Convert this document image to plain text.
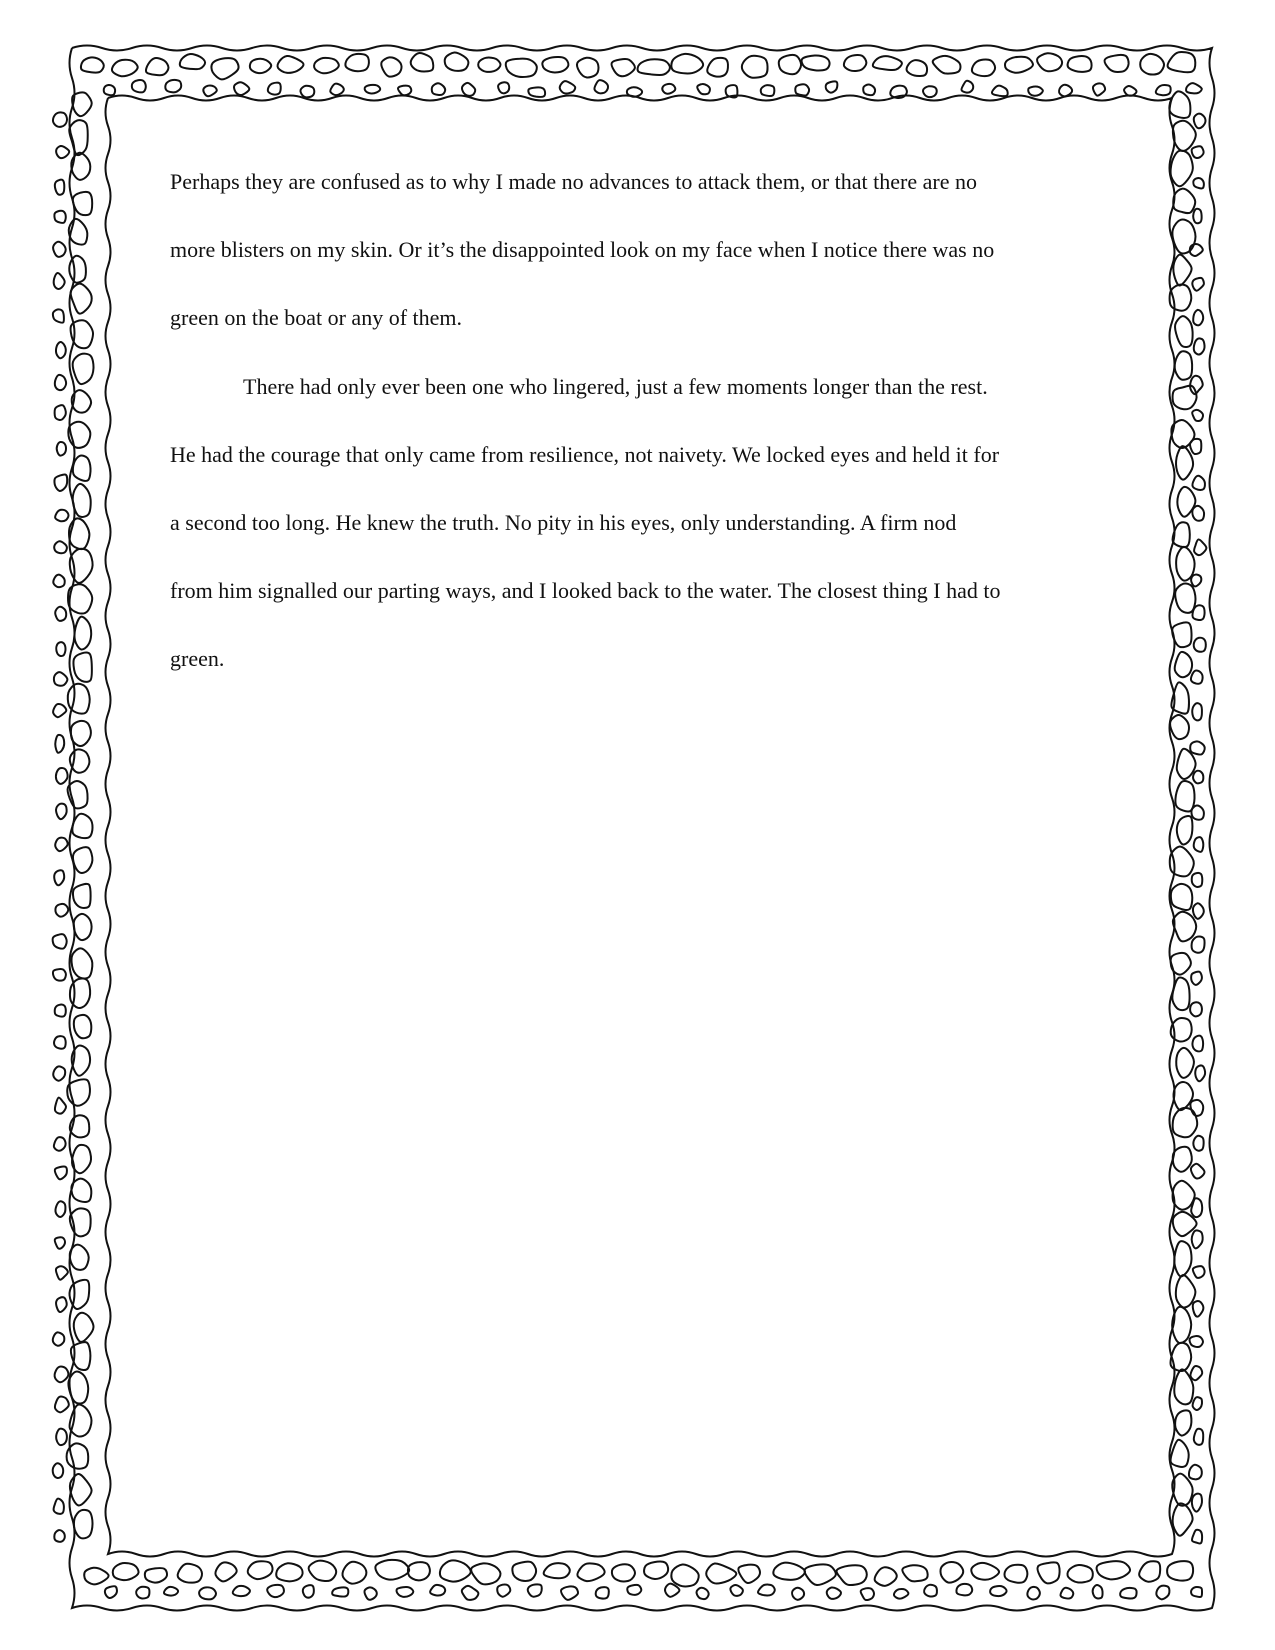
Perhaps they are confused as to why I made no advances to attack them, or that there are no
more blisters on my skin. Or it’s the disappointed look on my face when I notice there was no
green on the boat or any of them.

There had only ever been one who lingered, just a few moments longer than the rest.
He had the courage that only came from resilience, not naivety. We locked eyes and held it for
a second too long. He knew the truth. No pity in his eyes, only understanding. A firm nod
from him signalled our parting ways, and I looked back to the water. The closest thing I had to
green.
